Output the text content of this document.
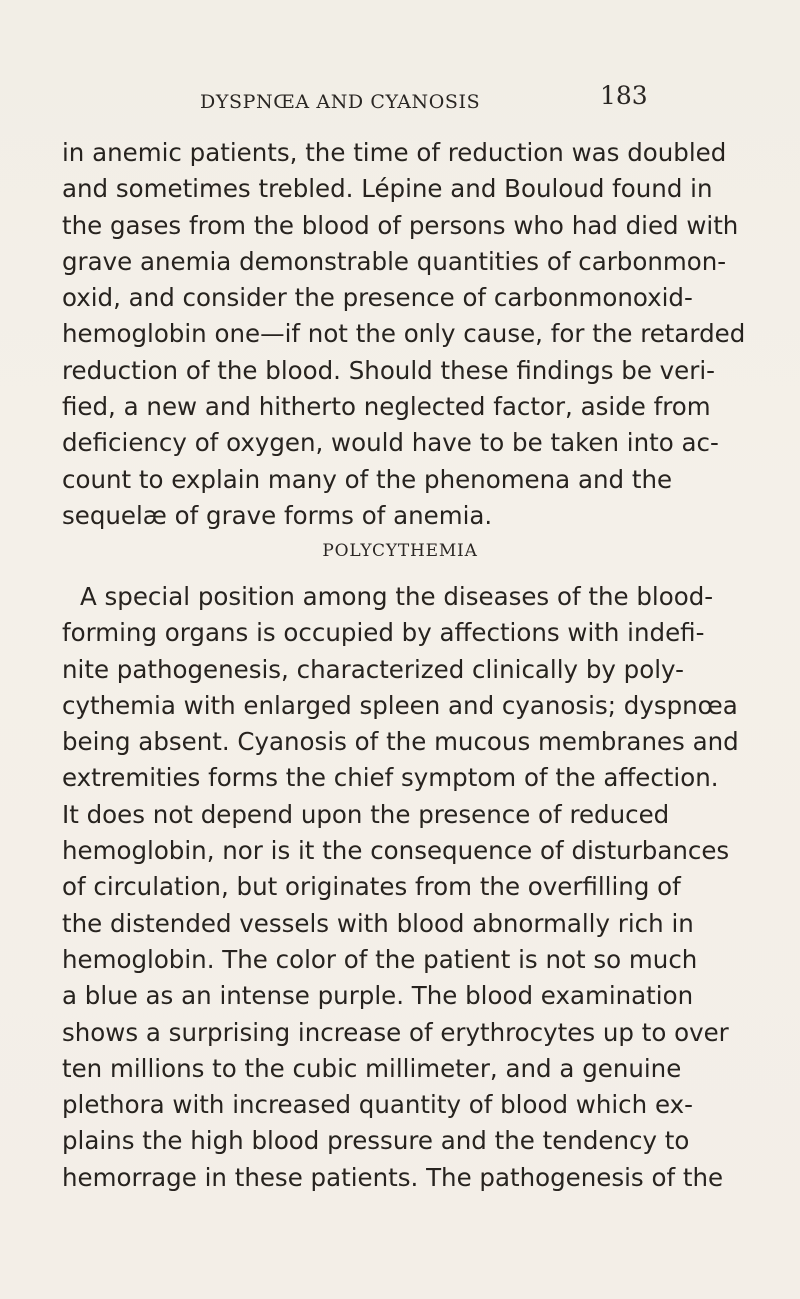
DYSPNŒA AND CYANOSIS	183
in anemic patients, the time of reduction was doubled
and sometimes trebled. Lépine and Bouloud found in
the gases from the blood of persons who had died with
grave anemia demonstrable quantities of carbonmon-
oxid, and consider the presence of carbonmonoxid-
hemoglobin one—if not the only cause, for the retarded
reduction of the blood. Should these findings be veri-
fied, a new and hitherto neglected factor, aside from
deficiency of oxygen, would have to be taken into ac-
count to explain many of the phenomena and the
sequelæ of grave forms of anemia.
POLYCYTHEMIA
A special position among the diseases of the blood-
forming organs is occupied by affections with indefi-
nite pathogenesis, characterized clinically by poly-
cythemia with enlarged spleen and cyanosis; dyspnœa
being absent. Cyanosis of the mucous membranes and
extremities forms the chief symptom of the affection.
It does not depend upon the presence of reduced
hemoglobin, nor is it the consequence of disturbances
of circulation, but originates from the overfilling of
the distended vessels with blood abnormally rich in
hemoglobin. The color of the patient is not so much
a blue as an intense purple. The blood examination
shows a surprising increase of erythrocytes up to over
ten millions to the cubic millimeter, and a genuine
plethora with increased quantity of blood which ex-
plains the high blood pressure and the tendency to
hemorrage in these patients. The pathogenesis of the
